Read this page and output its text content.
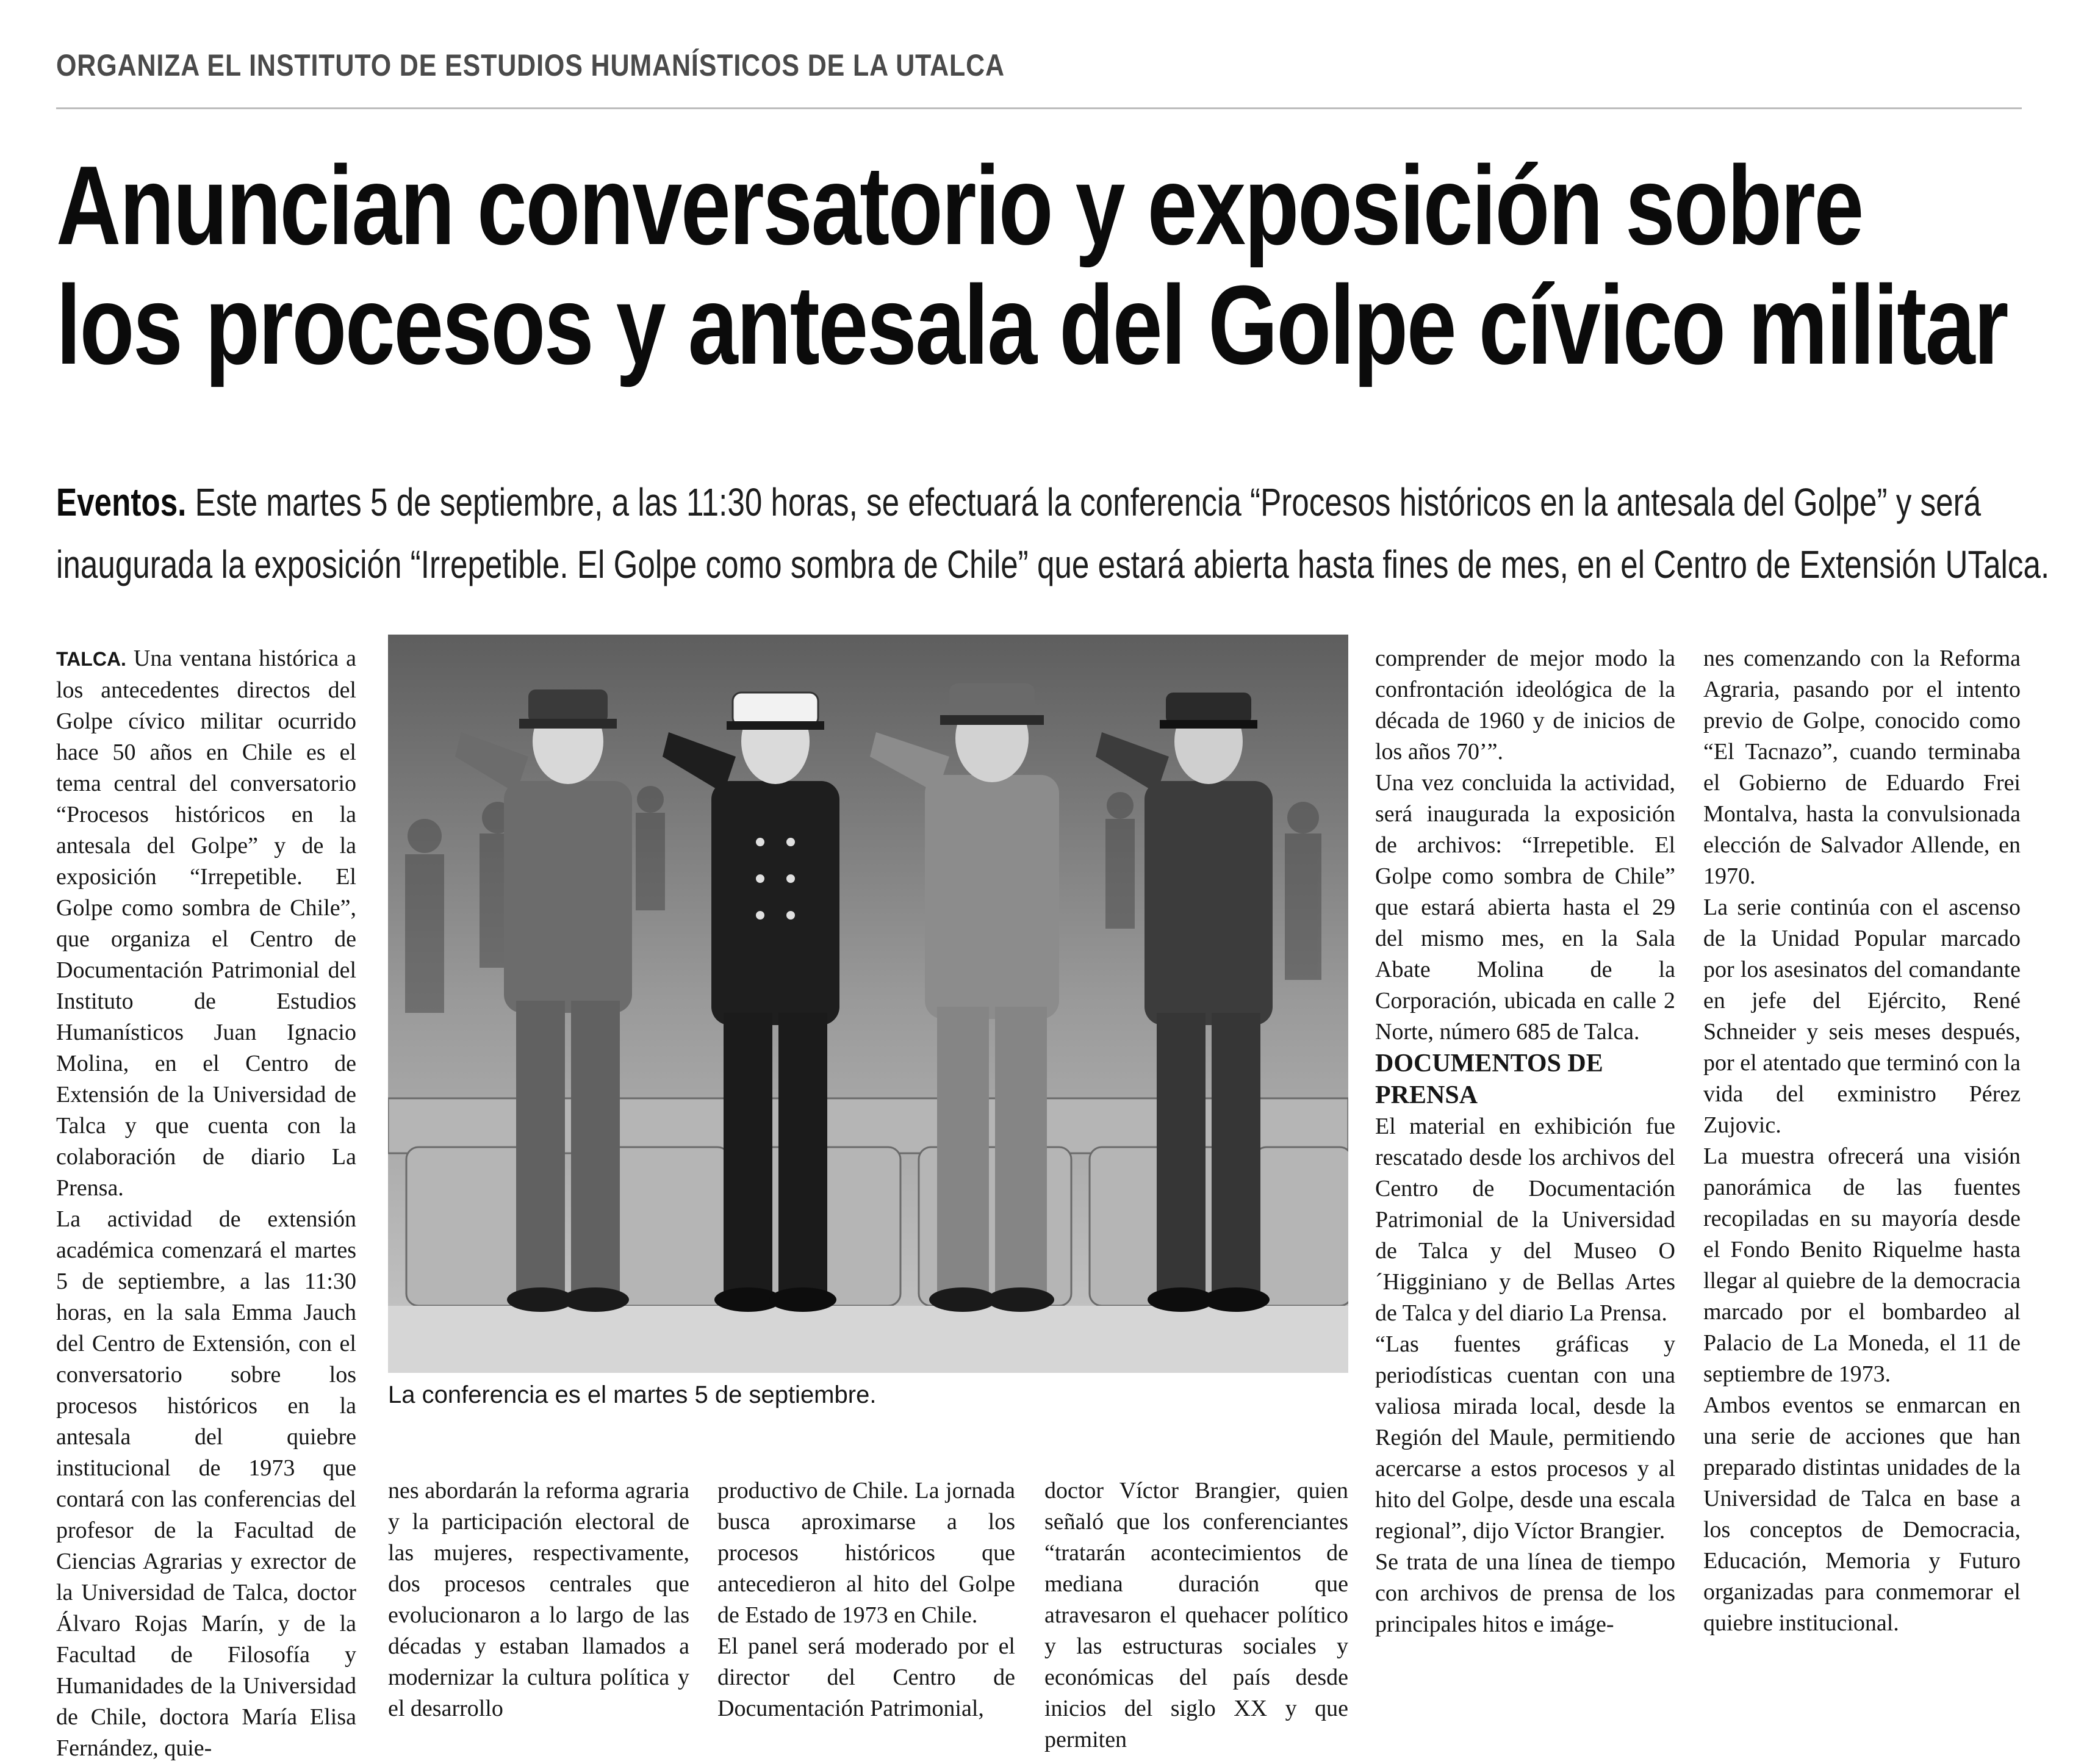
ORGANIZA EL INSTITUTO DE ESTUDIOS HUMANÍSTICOS DE LA UTALCA
Anuncian conversatorio y exposición sobre
los procesos y antesala del Golpe cívico militar
Eventos. Este martes 5 de septiembre, a las 11:30 horas, se efectuará la conferencia “Procesos históricos en la antesala del Golpe” y será
inaugurada la exposición “Irrepetible. El Golpe como sombra de Chile” que estará abierta hasta fines de mes, en el Centro de Extensión UTalca.

TALCA. Una ventana histórica a los antecedentes directos del Golpe cívico militar ocurrido hace 50 años en Chile es el tema central del conversatorio “Procesos históricos en la antesala del Golpe” y de la exposición “Irrepetible. El Golpe como sombra de Chile”, que organiza el Centro de Documentación Patrimonial del Instituto de Estudios Humanísticos Juan Ignacio Molina, en el Centro de Extensión de la Universidad de Talca y que cuenta con la colaboración de diario La Prensa.

La actividad de extensión académica comenzará el martes 5 de septiembre, a las 11:30 horas, en la sala Emma Jauch del Centro de Extensión, con el conversatorio sobre los procesos históricos en la antesala del quiebre institucional de 1973 que contará con las conferencias del profesor de la Facultad de Ciencias Agrarias y exrector de la Universidad de Talca, doctor Álvaro Rojas Marín, y de la Facultad de Filosofía y Humanidades de la Universidad de Chile, doctora María Elisa Fernández, quie-

La conferencia es el martes 5 de septiembre.

nes abordarán la reforma agraria y la participación electoral de las mujeres, respectivamente, dos procesos centrales que evolucionaron a lo largo de las décadas y estaban llamados a modernizar la cultura política y el desarrollo

productivo de Chile. La jornada busca aproximarse a los procesos históricos que antecedieron al hito del Golpe de Estado de 1973 en Chile.

El panel será moderado por el director del Centro de Documentación Patrimonial,

doctor Víctor Brangier, quien señaló que los conferenciantes “tratarán acontecimientos de mediana duración que atravesaron el quehacer político y las estructuras sociales y económicas del país desde inicios del siglo XX y que permiten

comprender de mejor modo la confrontación ideológica de la década de 1960 y de inicios de los años 70’”.

Una vez concluida la actividad, será inaugurada la exposición de archivos: “Irrepetible. El Golpe como sombra de Chile” que estará abierta hasta el 29 del mismo mes, en la Sala Abate Molina de la Corporación, ubicada en calle 2 Norte, número 685 de Talca.

DOCUMENTOS DE PRENSA

El material en exhibición fue rescatado desde los archivos del Centro de Documentación Patrimonial de la Universidad de Talca y del Museo O´Higginiano y de Bellas Artes de Talca y del diario La Prensa.

“Las fuentes gráficas y periodísticas cuentan con una valiosa mirada local, desde la Región del Maule, permitiendo acercarse a estos procesos y al hito del Golpe, desde una escala regional”, dijo Víctor Brangier.

Se trata de una línea de tiempo con archivos de prensa de los principales hitos e imáge-

nes comenzando con la Reforma Agraria, pasando por el intento previo de Golpe, conocido como “El Tacnazo”, cuando terminaba el Gobierno de Eduardo Frei Montalva, hasta la convulsionada elección de Salvador Allende, en 1970.

La serie continúa con el ascenso de la Unidad Popular marcado por los asesinatos del comandante en jefe del Ejército, René Schneider y seis meses después, por el atentado que terminó con la vida del exministro Pérez Zujovic.

La muestra ofrecerá una visión panorámica de las fuentes recopiladas en su mayoría desde el Fondo Benito Riquelme hasta llegar al quiebre de la democracia marcado por el bombardeo al Palacio de La Moneda, el 11 de septiembre de 1973.

Ambos eventos se enmarcan en una serie de acciones que han preparado distintas unidades de la Universidad de Talca en base a los conceptos de Democracia, Educación, Memoria y Futuro organizadas para conmemorar el quiebre institucional.
